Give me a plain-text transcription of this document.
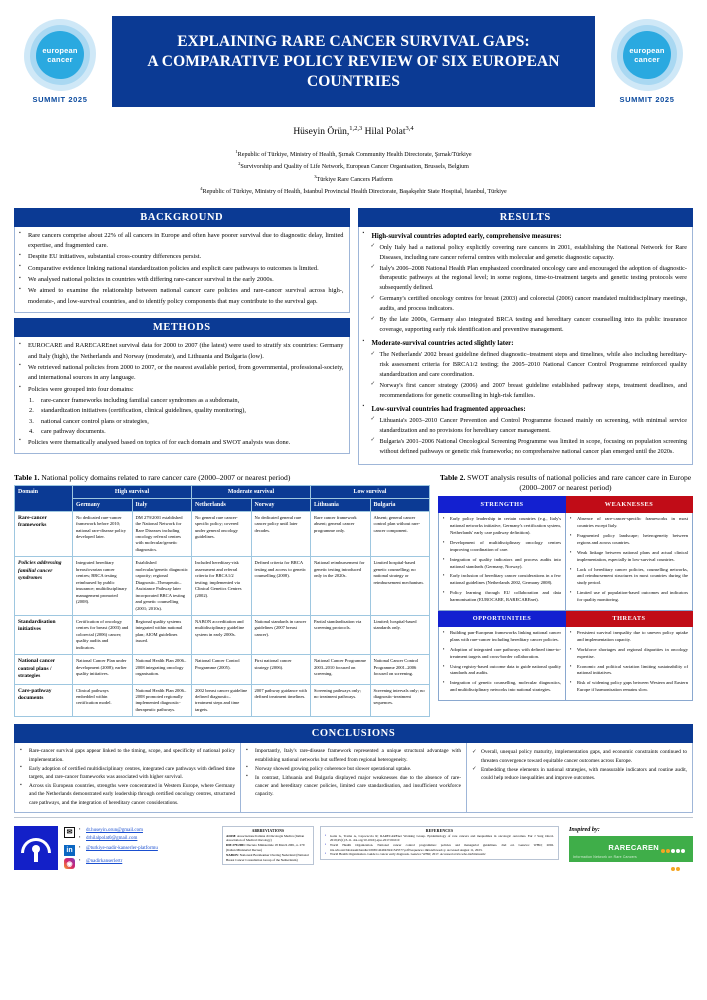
european
cancer
SUMMIT 2025
EXPLAINING RARE CANCER SURVIVAL GAPS:
A COMPARATIVE POLICY REVIEW OF SIX EUROPEAN COUNTRIES
european
cancer
SUMMIT 2025
Hüseyin Örün,$^{1,2,3}$ Hilal Polat$^{3,4}$
$^1$Republic of Türkiye, Ministry of Health, Şırnak Community Health Directorate, Şırnak/Türkiye
$^2$Survivorship and Quality of Life Network, European Cancer Organisation, Brussels, Belgium
$^3$Türkiye Rare Cancers Platform
$^4$Republic of Türkiye, Ministry of Health, İstanbul Provincial Health Directorate, Başakşehir State Hospital, İstanbul, Türkiye
BACKGROUND
▪ Rare cancers comprise about 22% of all cancers in Europe and often have poorer survival due to diagnostic delay, limited expertise, and fragmented care.
▪ Despite EU initiatives, substantial cross-country differences persist.
▪ Comparative evidence linking national standardization policies and explicit care pathways to outcomes is limited.
▪ We analysed national policies in countries with differing rare-cancer survival in the early 2000s.
▪ We aimed to examine the relationship between national cancer care policies and rare-cancer survival across high-, moderate-, and low-survival countries, and to identify policy components that may contribute to the survival gap.
METHODS
▪ EUROCARE and RARECAREnet survival data for 2000 to 2007 (the latest) were used to stratify six countries: Germany and Italy (high), the Netherlands and Norway (moderate), and Lithuania and Bulgaria (low).
▪ We retrieved national policies from 2000 to 2007, or the nearest available period, from governmental, professional-society, and international sources in any language.
▪ Policies were grouped into four domains:
rare-cancer frameworks including familial cancer syndromes as a subdomain,
standardization initiatives (certification, clinical guidelines, quality monitoring),
national cancer control plans or strategies,
care pathway documents.
▪ Policies were thematically analysed based on topics of for each domain and SWOT analysis was done.
RESULTS
▪ High-survival countries adopted early, comprehensive measures:
✓ Only Italy had a national policy explicitly covering rare cancers in 2001, establishing the National Network for Rare Diseases, including rare cancer referral centres with molecular and genetic diagnostic capacity.
✓ Italy's 2006–2008 National Health Plan emphasized coordinated oncology care and encouraged the adoption of diagnostic-therapeutic pathways at the regional level; in some regions, time-to-treatment targets and genetic testing protocols were subsequently defined.
✓ Germany's certified oncology centres for breast (2003) and colorectal (2006) cancer mandated multidisciplinary meetings, audits, and process indicators.
✓ By the late 2000s, Germany also integrated BRCA testing and hereditary cancer counselling into its public insurance coverage, supporting early risk identification and preventive management.
▪ Moderate-survival countries acted slightly later:
✓ The Netherlands' 2002 breast guideline defined diagnostic–treatment steps and timelines, while also including hereditary-risk assessment criteria for BRCA1/2 testing; the 2005–2010 National Cancer Control Programme reinforced quality standardization and care coordination.
✓ Norway's first cancer strategy (2006) and 2007 breast guideline established pathway steps, treatment deadlines, and recommendations for genetic counselling in high-risk families.
▪ Low-survival countries had fragmented approaches:
✓ Lithuania's 2003–2010 Cancer Prevention and Control Programme focused mainly on screening, with minimal service standardization and no provisions for hereditary cancer management.
✓ Bulgaria's 2001–2006 National Oncological Screening Programme was limited in scope, focusing on population screening without defined pathways or genetic risk frameworks; no comprehensive national cancer plan emerged until the 2020s.
Table 1. National policy domains related to rare cancer care (2000–2007 or nearest period)
Domain	High survival		Moderate survival		Low survival	
	Germany	Italy	Netherlands	Norway	Lithuania	Bulgaria
Rare-cancer frameworks	No dedicated rare-cancer framework before 2010; national rare-disease policy developed later.	DM 279/2001 established the National Network for Rare Diseases including oncology referral centres with molecular/genetic diagnostics.	No general rare cancer-specific policy; covered under general oncology guidelines.	No dedicated general rare cancer policy until later decades.	Rare cancer framework absent; general cancer programme only.	Absent; general cancer control plan without rare-cancer component.
Policies addressing familial cancer syndromes	Integrated hereditary breast/ovarian cancer centres; BRCA testing reimbursed by public insurance; multidisciplinary management promoted (2008).	Established molecular/genetic diagnostic capacity; regional Diagnostic–Therapeutic–Assistance Pathway later incorporated BRCA testing and genetic counselling (2001; 2010s).	Included hereditary-risk assessment and referral criteria for BRCA1/2 testing; implemented via Clinical Genetics Centres (2002).	Defined criteria for BRCA testing and access to genetic counselling (2008).	National reimbursement for genetic testing introduced only in the 2020s.	Limited hospital-based genetic counselling; no national strategy or reimbursement mechanism.
Standardisation initiatives	Certification of oncology centres for breast (2003) and colorectal (2006) cancer; quality audits and indicators.	Regional quality systems integrated within national plan; AIOM guidelines issued.	NABON accreditation and multidisciplinary guideline system in early 2000s.	National standards in cancer guidelines (2007 breast cancer).	Partial standardisation via screening protocols.	Limited; hospital-based standards only.
National cancer control plans / strategies	National Cancer Plan under development (2008); earlier quality initiatives.	National Health Plan 2006–2008 integrating oncology organisation.	National Cancer Control Programme (2005).	First national cancer strategy (2006).	National Cancer Programme 2003–2010 focused on screening.	National Cancer Control Programme 2001–2006 focused on screening.
Care-pathway documents	Clinical pathways embedded within certification model.	National Health Plan 2006–2008 promoted regionally implemented diagnostic-therapeutic pathways.	2002 breast cancer guideline defined diagnostic–treatment steps and time targets.	2007 pathway guidance with defined treatment timelines.	Screening pathways only; no treatment pathways.	Screening intervals only; no diagnostic-treatment sequences.
Table 2. SWOT analysis results of national policies and rare cancer care in Europe (2000–2007 or nearest period)
STRENGTHS	WEAKNESSES

▪ Early policy leadership in certain countries (e.g., Italy's national networks initiative, Germany's certification system, Netherlands' early care pathway definition).
▪ Development of multidisciplinary oncology centres improving coordination of care.
▪ Integration of quality indicators and process audits into national standards (Germany, Norway).
▪ Early inclusion of hereditary cancer considerations in a few national guidelines (Netherlands 2002, Germany 2008).
▪ Policy learning through EU collaboration and data harmonisation (EUROCARE, RARECAREnet).

▪ Absence of rare-cancer-specific frameworks in most countries except Italy.
▪ Fragmented policy landscape; heterogeneity between regions and across countries.
▪ Weak linkage between national plans and actual clinical implementation, especially in low-survival countries.
▪ Lack of hereditary cancer policies, counselling networks, and reimbursement structures in most countries during the study period.
▪ Limited use of population-based outcomes and indicators for quality monitoring.

OPPORTUNITIES	THREATS

▪ Building pan-European frameworks linking national cancer plans with rare-cancer including hereditary cancer policies.
▪ Adoption of integrated care pathways with defined time-to-treatment targets and cross-border collaboration.
▪ Using registry-based outcome data to guide national quality standards and audits.
▪ Integration of genetic counselling, molecular diagnostics, and multidisciplinary networks into national strategies.

▪ Persistent survival inequality due to uneven policy uptake and implementation capacity.
▪ Workforce shortages and regional disparities in oncology expertise.
▪ Economic and political variation limiting sustainability of national initiatives.
▪ Risk of widening policy gaps between Western and Eastern Europe if harmonisation remains slow.
CONCLUSIONS
▪ Rare-cancer survival gaps appear linked to the timing, scope, and specificity of national policy implementation.
▪ Early adoption of certified multidisciplinary centres, integrated care pathways with defined time targets, and rare-cancer frameworks was associated with higher survival.
▪ Across six European countries, strengths were concentrated in Western Europe, where Germany and the Netherlands demonstrated early leadership through certified oncology centres, structured care pathways, and the integration of hereditary cancer considerations.
▪ Importantly, Italy's rare-disease framework represented a unique structural advantage with establishing national networks but suffered from regional heterogeneity.
▪ Norway showed growing policy coherence but slower operational uptake.
▪ In contrast, Lithuania and Bulgaria displayed major weaknesses due to the absence of rare-cancer and hereditary cancer policies, limited care standardisation, and insufficient workforce capacity.
✓ Overall, unequal policy maturity, implementation gaps, and economic constraints continued to threaten convergence toward equitable cancer outcomes across Europe.
✓ Embedding these elements in national strategies, with measurable indicators and routine audit, could help reduce inequalities and improve outcomes.
✉	▪ dr.huseyin.orun@gmail.com
▪ drhilalpolat0@gmail.com
in	▪ @turkiye-nadir-kanserler-platformu
◉	▪ @nadirkanserlertr
ABBREVIATIONS

AIOM: Associazione Italiana di Oncologia Medica (Italian Association of Medical Oncology)

DM 279/2001: Decreto Ministeriale 18 March 2001, n. 279 (Italian Ministerial Decree)

NABON: Nationaal Borstkanker Overleg Nederland (National Breast Cancer Consultation Group of the Netherlands)

REFERENCES
▪ Gatta G, Trama A, Capocaccia R; RARECAREnet Working Group. Epidemiology of rare cancers and inequalities in oncologic outcomes. Eur J Surg Oncol. 2019;45(1):3-11. doi.org/10.1016/j.ejso.2017.00.010
▪ World Health Organization. National cancer control programmes: policies and managerial guidelines. 2nd ed. Geneva: WHO; 2002. iris.who.int/bitstream/handle/10665/42494/9241545577.pdf?sequence=1&isAllowed=y. Accessed August 11, 2023.
▪ World Health Organization. Guide to cancer early diagnosis. Geneva: WHO; 2017. Accessed at iris.who.int/bitstream/
Inspired by:
RARECAREN

Information Network on Rare Cancers
